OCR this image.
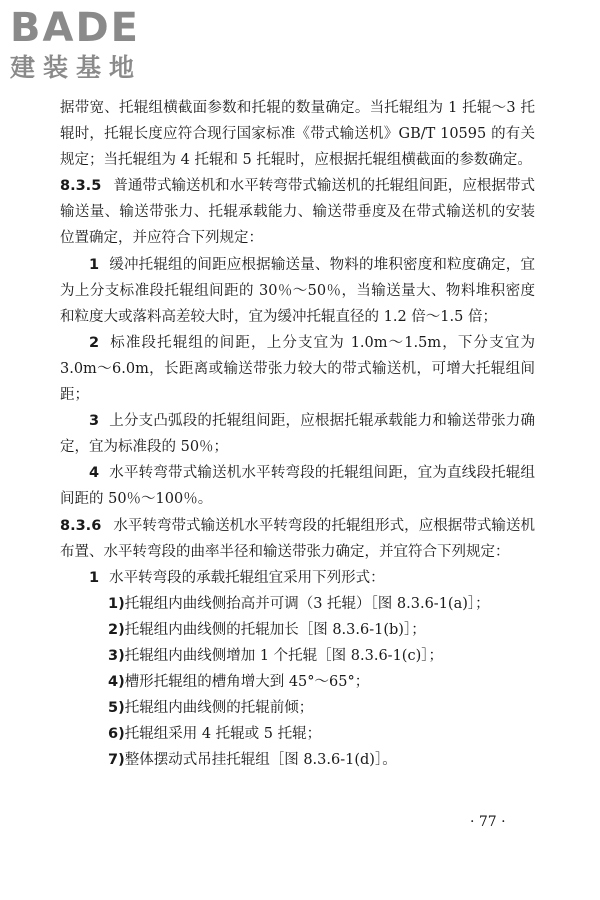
BADE
建装基地

据带宽、托辊组横截面参数和托辊的数量确定。当托辊组为 1 托辊～3 托辊时，托辊长度应符合现行国家标准《带式输送机》GB/T 10595 的有关规定；当托辊组为 4 托辊和 5 托辊时，应根据托辊组横截面的参数确定。

8.3.5 普通带式输送机和水平转弯带式输送机的托辊组间距，应根据带式输送量、输送带张力、托辊承载能力、输送带垂度及在带式输送机的安装位置确定，并应符合下列规定：

1 缓冲托辊组的间距应根据输送量、物料的堆积密度和粒度确定，宜为上分支标准段托辊组间距的 30％～50％，当输送量大、物料堆积密度和粒度大或落料高差较大时，宜为缓冲托辊直径的 1.2 倍～1.5 倍；

2 标准段托辊组的间距，上分支宜为 1.0m～1.5m，下分支宜为 3.0m～6.0m，长距离或输送带张力较大的带式输送机，可增大托辊组间距；

3 上分支凸弧段的托辊组间距，应根据托辊承载能力和输送带张力确定，宜为标准段的 50％；

4 水平转弯带式输送机水平转弯段的托辊组间距，宜为直线段托辊组间距的 50％～100％。

8.3.6 水平转弯带式输送机水平转弯段的托辊组形式，应根据带式输送机布置、水平转弯段的曲率半径和输送带张力确定，并宜符合下列规定：

1 水平转弯段的承载托辊组宜采用下列形式：

1)托辊组内曲线侧抬高并可调（3 托辊）［图 8.3.6-1(a)］；

2)托辊组内曲线侧的托辊加长［图 8.3.6-1(b)］；

3)托辊组内曲线侧增加 1 个托辊［图 8.3.6-1(c)］；

4)槽形托辊组的槽角增大到 45°～65°；

5)托辊组内曲线侧的托辊前倾；

6)托辊组采用 4 托辊或 5 托辊；

7)整体摆动式吊挂托辊组［图 8.3.6-1(d)］。

· 77 ·
